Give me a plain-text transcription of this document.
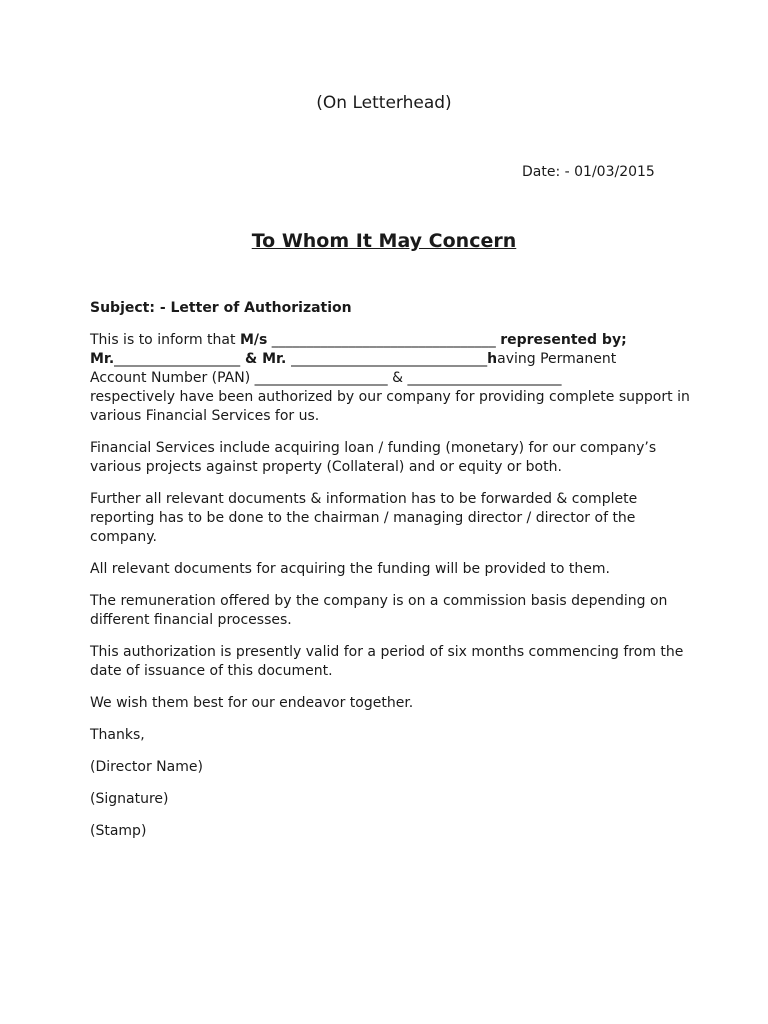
(On Letterhead)
Date: - 01/03/2015
To Whom It May Concern
Subject: - Letter of Authorization
This is to inform that M/s ________________________________ represented by;
Mr.__________________ & Mr. ____________________________having Permanent
Account Number (PAN) ___________________ & ______________________
respectively have been authorized by our company for providing complete support in various Financial Services for us.
Financial Services include acquiring loan / funding (monetary) for our company’s various projects against property (Collateral) and or equity or both.
Further all relevant documents & information has to be forwarded & complete reporting has to be done to the chairman / managing director / director of the company.
All relevant documents for acquiring the funding will be provided to them.
The remuneration offered by the company is on a commission basis depending on different financial processes.
This authorization is presently valid for a period of six months commencing from the date of issuance of this document.
We wish them best for our endeavor together.
Thanks,
(Director Name)
(Signature)
(Stamp)
